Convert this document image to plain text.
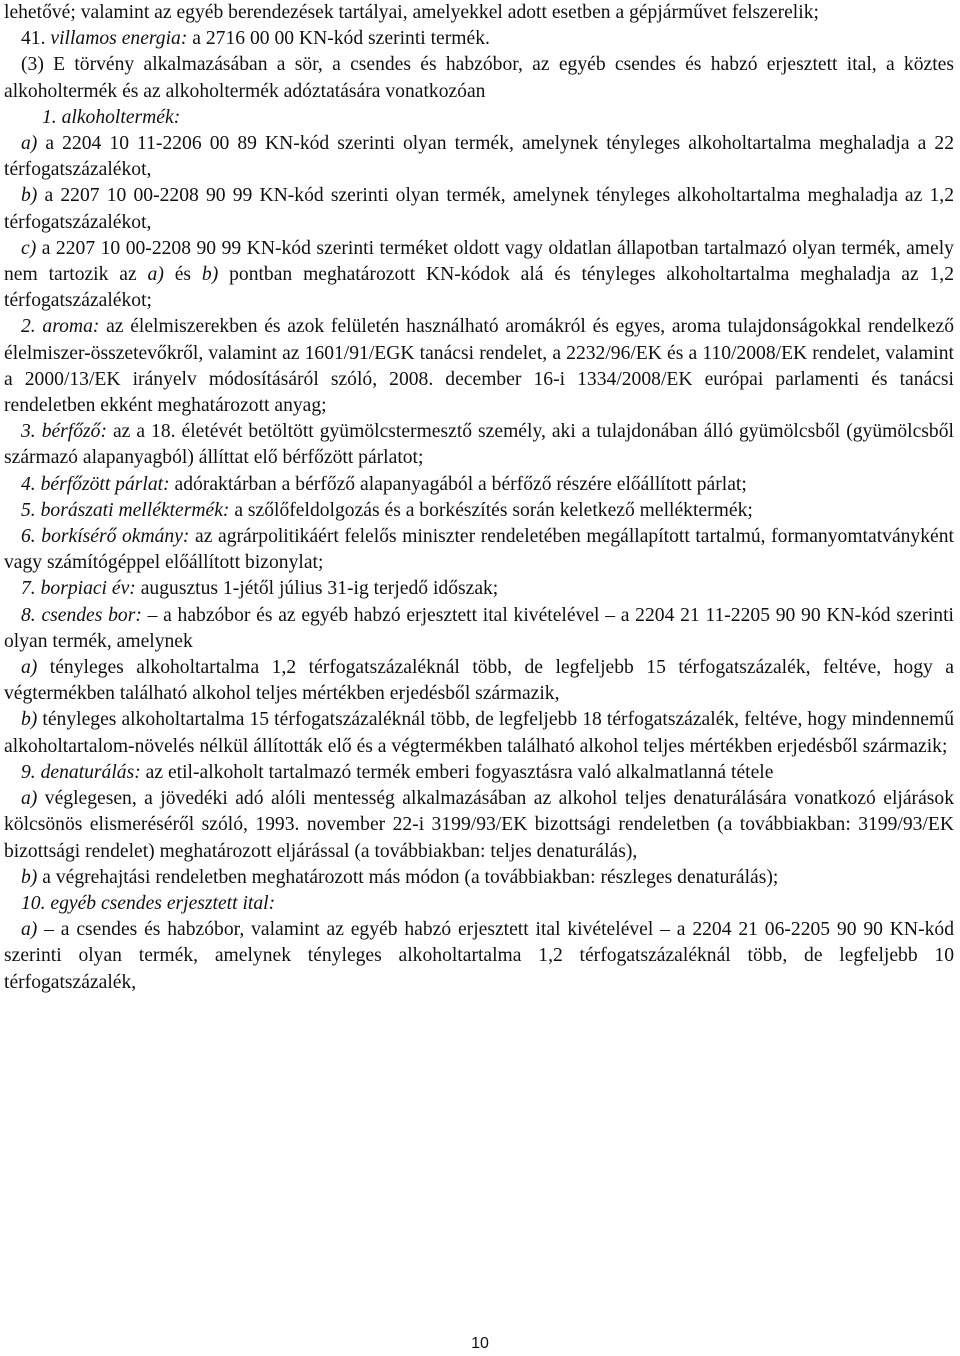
lehetővé; valamint az egyéb berendezések tartályai, amelyekkel adott esetben a gépjárművet felszerelik;

41. villamos energia: a 2716 00 00 KN-kód szerinti termék.

(3) E törvény alkalmazásában a sör, a csendes és habzóbor, az egyéb csendes és habzó erjesztett ital, a köztes alkoholtermék és az alkoholtermék adóztatására vonatkozóan

1. alkoholtermék:

a) a 2204 10 11-2206 00 89 KN-kód szerinti olyan termék, amelynek tényleges alkoholtartalma meghaladja a 22 térfogatszázalékot,

b) a 2207 10 00-2208 90 99 KN-kód szerinti olyan termék, amelynek tényleges alkoholtartalma meghaladja az 1,2 térfogatszázalékot,

c) a 2207 10 00-2208 90 99 KN-kód szerinti terméket oldott vagy oldatlan állapotban tartalmazó olyan termék, amely nem tartozik az a) és b) pontban meghatározott KN-kódok alá és tényleges alkoholtartalma meghaladja az 1,2 térfogatszázalékot;

2. aroma: az élelmiszerekben és azok felületén használható aromákról és egyes, aroma tulajdonságokkal rendelkező élelmiszer-összetevőkről, valamint az 1601/91/EGK tanácsi rendelet, a 2232/96/EK és a 110/2008/EK rendelet, valamint a 2000/13/EK irányelv módosításáról szóló, 2008. december 16-i 1334/2008/EK európai parlamenti és tanácsi rendeletben ekként meghatározott anyag;

3. bérfőző: az a 18. életévét betöltött gyümölcstermesztő személy, aki a tulajdonában álló gyümölcsből (gyümölcsből származó alapanyagból) állíttat elő bérfőzött párlatot;

4. bérfőzött párlat: adóraktárban a bérfőző alapanyagából a bérfőző részére előállított párlat;

5. borászati melléktermék: a szőlőfeldolgozás és a borkészítés során keletkező melléktermék;

6. borkísérő okmány: az agrárpolitikáért felelős miniszter rendeletében megállapított tartalmú, formanyomtatványként vagy számítógéppel előállított bizonylat;

7. borpiaci év: augusztus 1-jétől július 31-ig terjedő időszak;

8. csendes bor: – a habzóbor és az egyéb habzó erjesztett ital kivételével – a 2204 21 11-2205 90 90 KN-kód szerinti olyan termék, amelynek

a) tényleges alkoholtartalma 1,2 térfogatszázaléknál több, de legfeljebb 15 térfogatszázalék, feltéve, hogy a végtermékben található alkohol teljes mértékben erjedésből származik,

b) tényleges alkoholtartalma 15 térfogatszázaléknál több, de legfeljebb 18 térfogatszázalék, feltéve, hogy mindennemű alkoholtartalom-növelés nélkül állították elő és a végtermékben található alkohol teljes mértékben erjedésből származik;

9. denaturálás: az etil-alkoholt tartalmazó termék emberi fogyasztásra való alkalmatlanná tétele

a) véglegesen, a jövedéki adó alóli mentesség alkalmazásában az alkohol teljes denaturálására vonatkozó eljárások kölcsönös elismeréséről szóló, 1993. november 22-i 3199/93/EK bizottsági rendeletben (a továbbiakban: 3199/93/EK bizottsági rendelet) meghatározott eljárással (a továbbiakban: teljes denaturálás),

b) a végrehajtási rendeletben meghatározott más módon (a továbbiakban: részleges denaturálás);

10. egyéb csendes erjesztett ital:

a) – a csendes és habzóbor, valamint az egyéb habzó erjesztett ital kivételével – a 2204 21 06-2205 90 90 KN-kód szerinti olyan termék, amelynek tényleges alkoholtartalma 1,2 térfogatszázaléknál több, de legfeljebb 10 térfogatszázalék,

10
